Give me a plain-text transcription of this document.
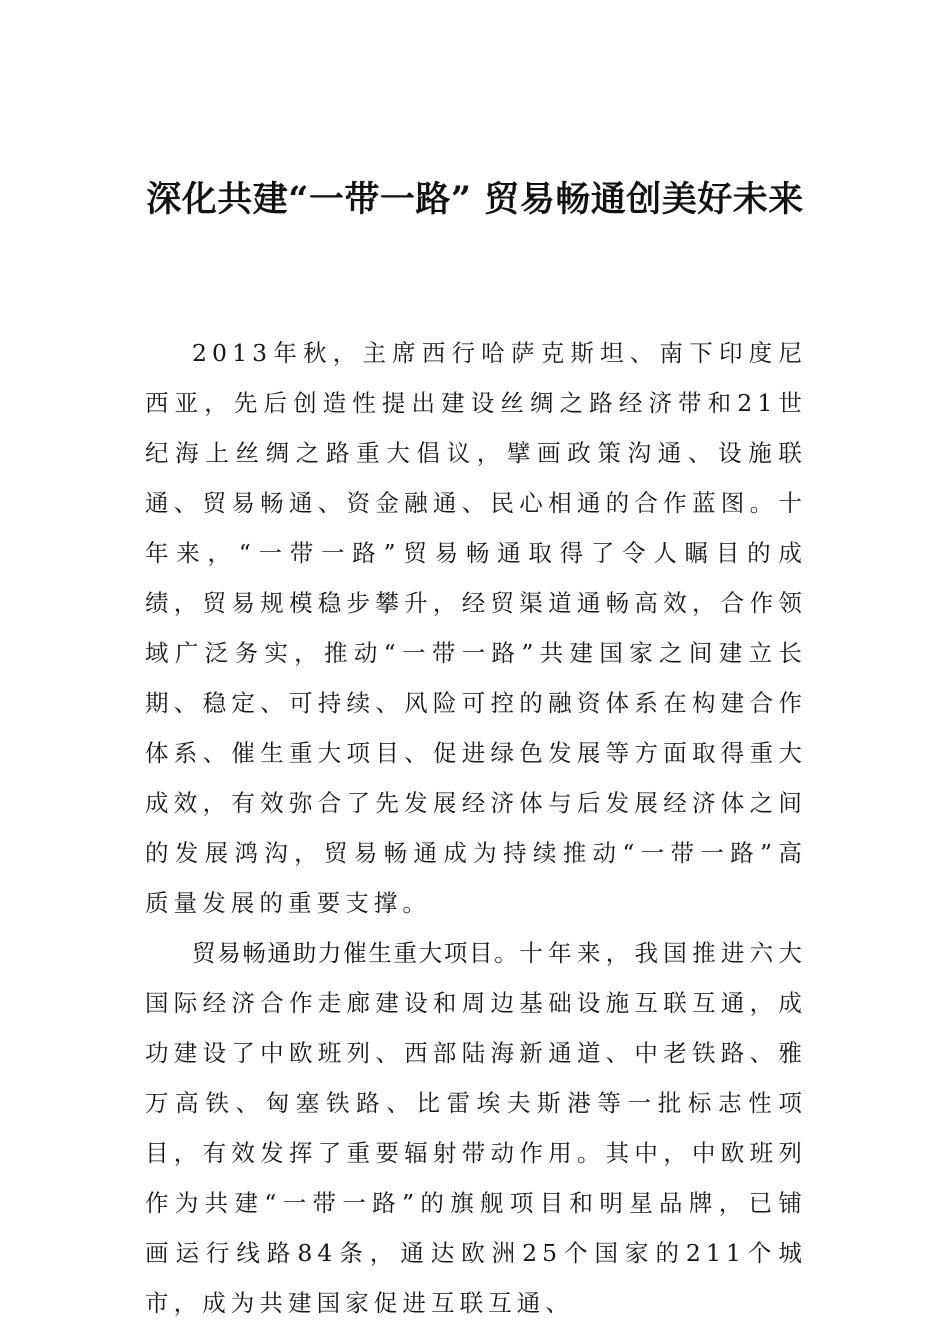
深化共建“一带一路” 贸易畅通创美好未来

2013年秋，主席西行哈萨克斯坦、南下印度尼西亚，先后创造性提出建设丝绸之路经济带和21世纪海上丝绸之路重大倡议，擘画政策沟通、设施联通、贸易畅通、资金融通、民心相通的合作蓝图。十年来，“一带一路”贸易畅通取得了令人瞩目的成绩，贸易规模稳步攀升，经贸渠道通畅高效，合作领域广泛务实，推动“一带一路”共建国家之间建立长期、稳定、可持续、风险可控的融资体系在构建合作体系、催生重大项目、促进绿色发展等方面取得重大成效，有效弥合了先发展经济体与后发展经济体之间的发展鸿沟，贸易畅通成为持续推动“一带一路”高质量发展的重要支撑。

贸易畅通助力催生重大项目。十年来，我国推进六大国际经济合作走廊建设和周边基础设施互联互通，成功建设了中欧班列、西部陆海新通道、中老铁路、雅万高铁、匈塞铁路、比雷埃夫斯港等一批标志性项目，有效发挥了重要辐射带动作用。其中，中欧班列作为共建“一带一路”的旗舰项目和明星品牌，已铺画运行线路84条，通达欧洲25个国家的211个城市，成为共建国家促进互联互通、
